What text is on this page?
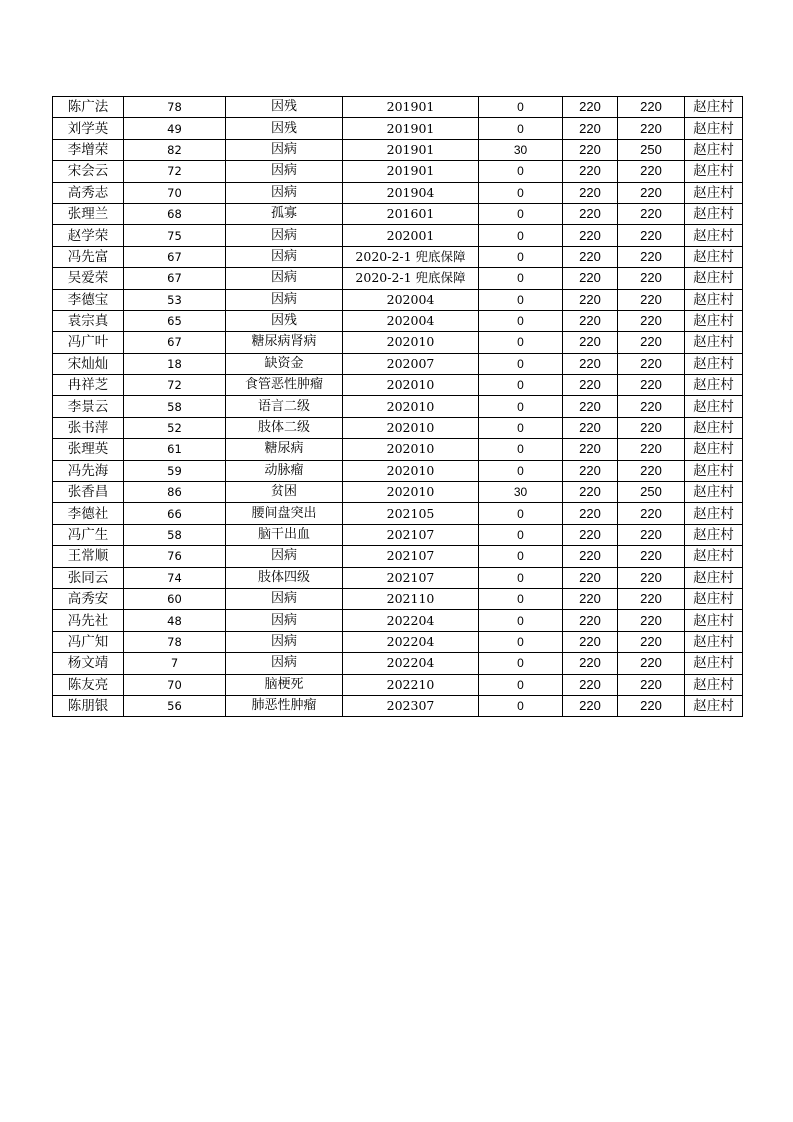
陈广法	78	因残	201901	0	220	220	赵庄村
刘学英	49	因残	201901	0	220	220	赵庄村
李增荣	82	因病	201901	30	220	250	赵庄村
宋会云	72	因病	201901	0	220	220	赵庄村
高秀志	70	因病	201904	0	220	220	赵庄村
张理兰	68	孤寡	201601	0	220	220	赵庄村
赵学荣	75	因病	202001	0	220	220	赵庄村
冯先富	67	因病	2020-2-1 兜底保障	0	220	220	赵庄村
吴爱荣	67	因病	2020-2-1 兜底保障	0	220	220	赵庄村
李德宝	53	因病	202004	0	220	220	赵庄村
袁宗真	65	因残	202004	0	220	220	赵庄村
冯广叶	67	糖尿病肾病	202010	0	220	220	赵庄村
宋灿灿	18	缺资金	202007	0	220	220	赵庄村
冉祥芝	72	食管恶性肿瘤	202010	0	220	220	赵庄村
李景云	58	语言二级	202010	0	220	220	赵庄村
张书萍	52	肢体二级	202010	0	220	220	赵庄村
张理英	61	糖尿病	202010	0	220	220	赵庄村
冯先海	59	动脉瘤	202010	0	220	220	赵庄村
张香昌	86	贫困	202010	30	220	250	赵庄村
李德社	66	腰间盘突出	202105	0	220	220	赵庄村
冯广生	58	脑干出血	202107	0	220	220	赵庄村
王常顺	76	因病	202107	0	220	220	赵庄村
张同云	74	肢体四级	202107	0	220	220	赵庄村
高秀安	60	因病	202110	0	220	220	赵庄村
冯先社	48	因病	202204	0	220	220	赵庄村
冯广知	78	因病	202204	0	220	220	赵庄村
杨文靖	7	因病	202204	0	220	220	赵庄村
陈友亮	70	脑梗死	202210	0	220	220	赵庄村
陈朋银	56	肺恶性肿瘤	202307	0	220	220	赵庄村
